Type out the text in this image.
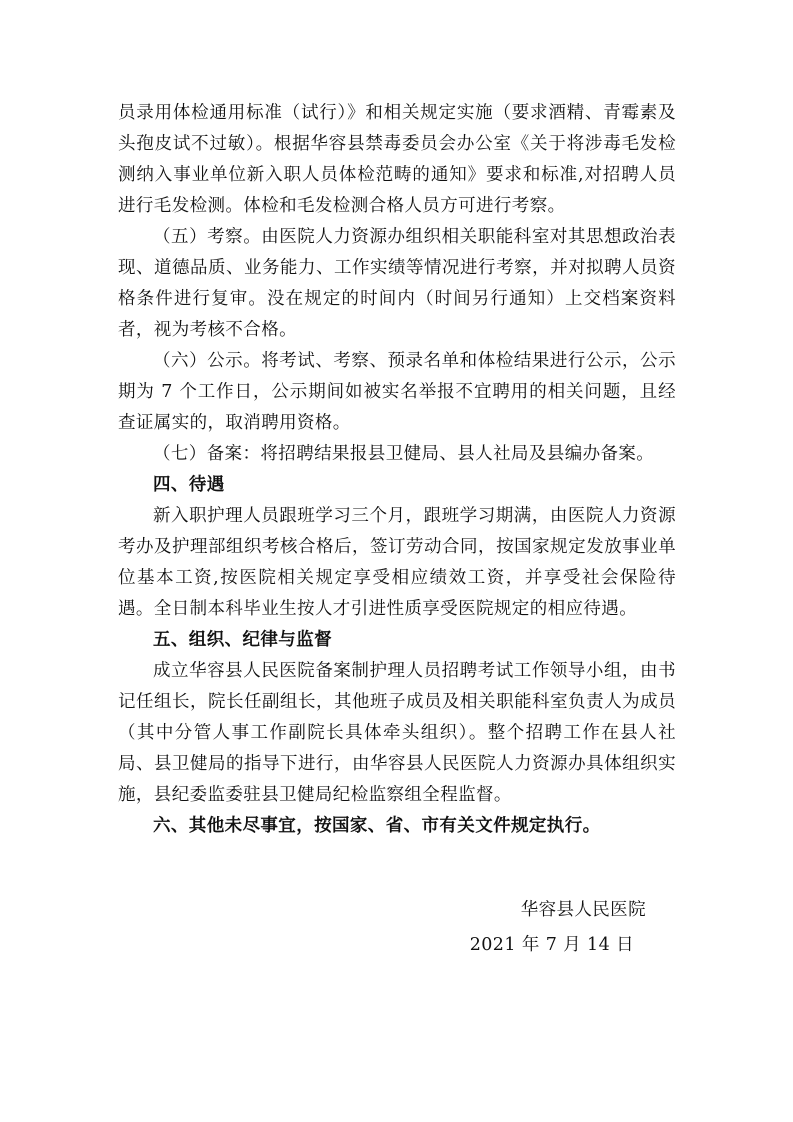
员录用体检通用标准（试行）》和相关规定实施（要求酒精、青霉素及头孢皮试不过敏）。根据华容县禁毒委员会办公室《关于将涉毒毛发检测纳入事业单位新入职人员体检范畴的通知》要求和标准,对招聘人员进行毛发检测。体检和毛发检测合格人员方可进行考察。

（五）考察。由医院人力资源办组织相关职能科室对其思想政治表现、道德品质、业务能力、工作实绩等情况进行考察，并对拟聘人员资格条件进行复审。没在规定的时间内（时间另行通知）上交档案资料者，视为考核不合格。

（六）公示。将考试、考察、预录名单和体检结果进行公示，公示期为 7 个工作日，公示期间如被实名举报不宜聘用的相关问题，且经查证属实的，取消聘用资格。

（七）备案：将招聘结果报县卫健局、县人社局及县编办备案。

四、待遇

新入职护理人员跟班学习三个月，跟班学习期满，由医院人力资源考办及护理部组织考核合格后，签订劳动合同，按国家规定发放事业单位基本工资,按医院相关规定享受相应绩效工资，并享受社会保险待遇。全日制本科毕业生按人才引进性质享受医院规定的相应待遇。

五、组织、纪律与监督

成立华容县人民医院备案制护理人员招聘考试工作领导小组，由书记任组长，院长任副组长，其他班子成员及相关职能科室负责人为成员（其中分管人事工作副院长具体牵头组织）。整个招聘工作在县人社局、县卫健局的指导下进行，由华容县人民医院人力资源办具体组织实施，县纪委监委驻县卫健局纪检监察组全程监督。

六、其他未尽事宜，按国家、省、市有关文件规定执行。

华容县人民医院
2021 年 7 月 14 日
